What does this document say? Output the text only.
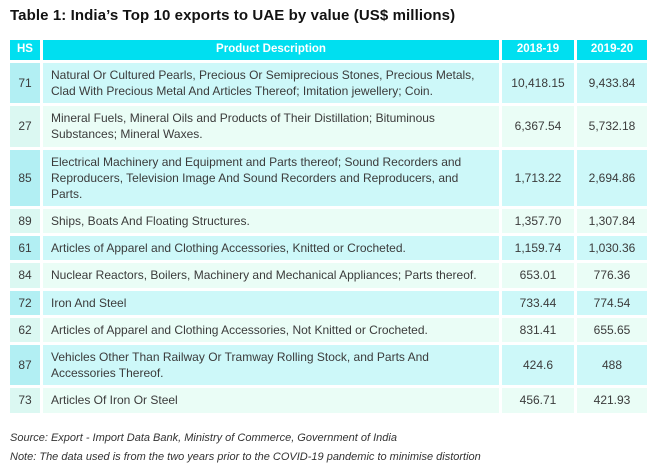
Table 1: India’s Top 10 exports to UAE by value (US$ millions)
HS	Product Description	2018-19	2019-20
71	Natural Or Cultured Pearls, Precious Or Semiprecious Stones, Precious Metals, Clad With Precious Metal And Articles Thereof; Imitation jewellery; Coin.	10,418.15	9,433.84
27	Mineral Fuels, Mineral Oils and Products of Their Distillation; Bituminous Substances; Mineral Waxes.	6,367.54	5,732.18
85	Electrical Machinery and Equipment and Parts thereof; Sound Recorders and Reproducers, Television Image And Sound Recorders and Reproducers, and Parts.	1,713.22	2,694.86
89	Ships, Boats And Floating Structures.	1,357.70	1,307.84
61	Articles of Apparel and Clothing Accessories, Knitted or Crocheted.	1,159.74	1,030.36
84	Nuclear Reactors, Boilers, Machinery and Mechanical Appliances; Parts thereof.	653.01	776.36
72	Iron And Steel	733.44	774.54
62	Articles of Apparel and Clothing Accessories, Not Knitted or Crocheted.	831.41	655.65
87	Vehicles Other Than Railway Or Tramway Rolling Stock, and Parts And Accessories Thereof.	424.6	488
73	Articles Of Iron Or Steel	456.71	421.93

Source: Export - Import Data Bank, Ministry of Commerce, Government of India

Note: The data used is from the two years prior to the COVID-19 pandemic to minimise distortion
